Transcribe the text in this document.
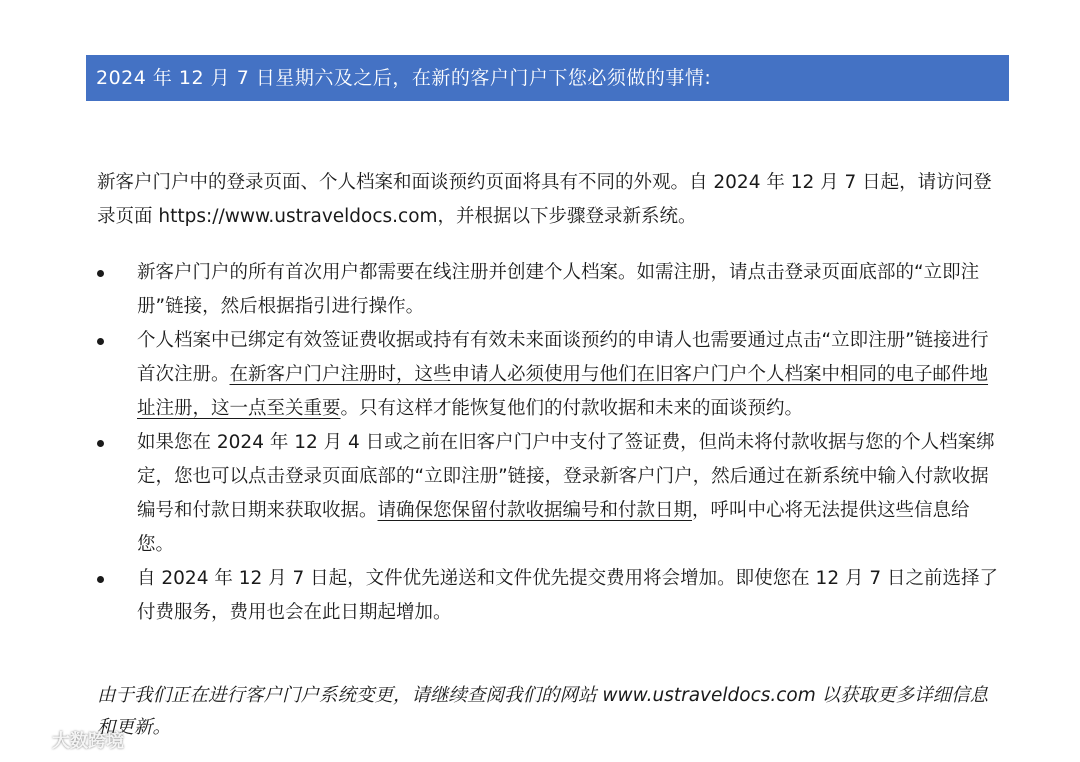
2024 年 12 月 7 日星期六及之后，在新的客户门户下您必须做的事情:

新客户门户中的登录页面、个人档案和面谈预约页面将具有不同的外观。自 2024 年 12 月 7 日起，请访问登录页面 https://www.ustraveldocs.com，并根据以下步骤登录新系统。

新客户门户的所有首次用户都需要在线注册并创建个人档案。如需注册，请点击登录页面底部的“立即注册”链接，然后根据指引进行操作。
个人档案中已绑定有效签证费收据或持有有效未来面谈预约的申请人也需要通过点击“立即注册”链接进行首次注册。在新客户门户注册时，这些申请人必须使用与他们在旧客户门户个人档案中相同的电子邮件地址注册，这一点至关重要。只有这样才能恢复他们的付款收据和未来的面谈预约。
如果您在 2024 年 12 月 4 日或之前在旧客户门户中支付了签证费，但尚未将付款收据与您的个人档案绑定，您也可以点击登录页面底部的“立即注册”链接，登录新客户门户，然后通过在新系统中输入付款收据编号和付款日期来获取收据。请确保您保留付款收据编号和付款日期，呼叫中心将无法提供这些信息给您。
自 2024 年 12 月 7 日起，文件优先递送和文件优先提交费用将会增加。即使您在 12 月 7 日之前选择了付费服务，费用也会在此日期起增加。

由于我们正在进行客户门户系统变更，请继续查阅我们的网站 www.ustraveldocs.com 以获取更多详细信息和更新。

大数跨境
